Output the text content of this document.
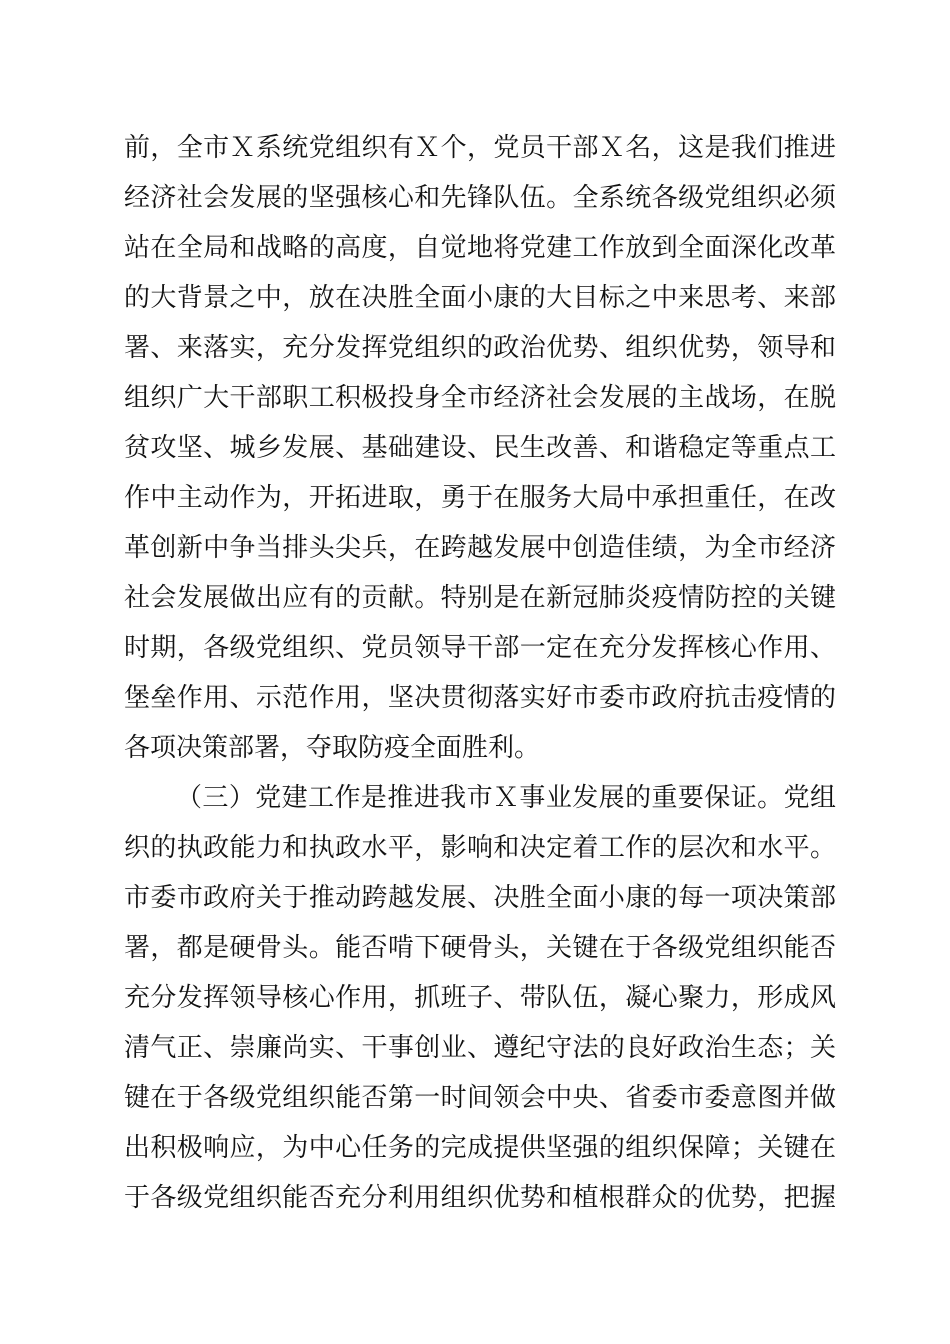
前，全市Ｘ系统党组织有Ｘ个，党员干部Ｘ名，这是我们推进
经济社会发展的坚强核心和先锋队伍。全系统各级党组织必须
站在全局和战略的高度，自觉地将党建工作放到全面深化改革
的大背景之中，放在决胜全面小康的大目标之中来思考、来部
署、来落实，充分发挥党组织的政治优势、组织优势，领导和
组织广大干部职工积极投身全市经济社会发展的主战场，在脱
贫攻坚、城乡发展、基础建设、民生改善、和谐稳定等重点工
作中主动作为，开拓进取，勇于在服务大局中承担重任，在改
革创新中争当排头尖兵，在跨越发展中创造佳绩，为全市经济
社会发展做出应有的贡献。特别是在新冠肺炎疫情防控的关键
时期，各级党组织、党员领导干部一定在充分发挥核心作用、
堡垒作用、示范作用，坚决贯彻落实好市委市政府抗击疫情的
各项决策部署，夺取防疫全面胜利。
（三）党建工作是推进我市Ｘ事业发展的重要保证。党组
织的执政能力和执政水平，影响和决定着工作的层次和水平。
市委市政府关于推动跨越发展、决胜全面小康的每一项决策部
署，都是硬骨头。能否啃下硬骨头，关键在于各级党组织能否
充分发挥领导核心作用，抓班子、带队伍，凝心聚力，形成风
清气正、崇廉尚实、干事创业、遵纪守法的良好政治生态；关
键在于各级党组织能否第一时间领会中央、省委市委意图并做
出积极响应，为中心任务的完成提供坚强的组织保障；关键在
于各级党组织能否充分利用组织优势和植根群众的优势，把握
